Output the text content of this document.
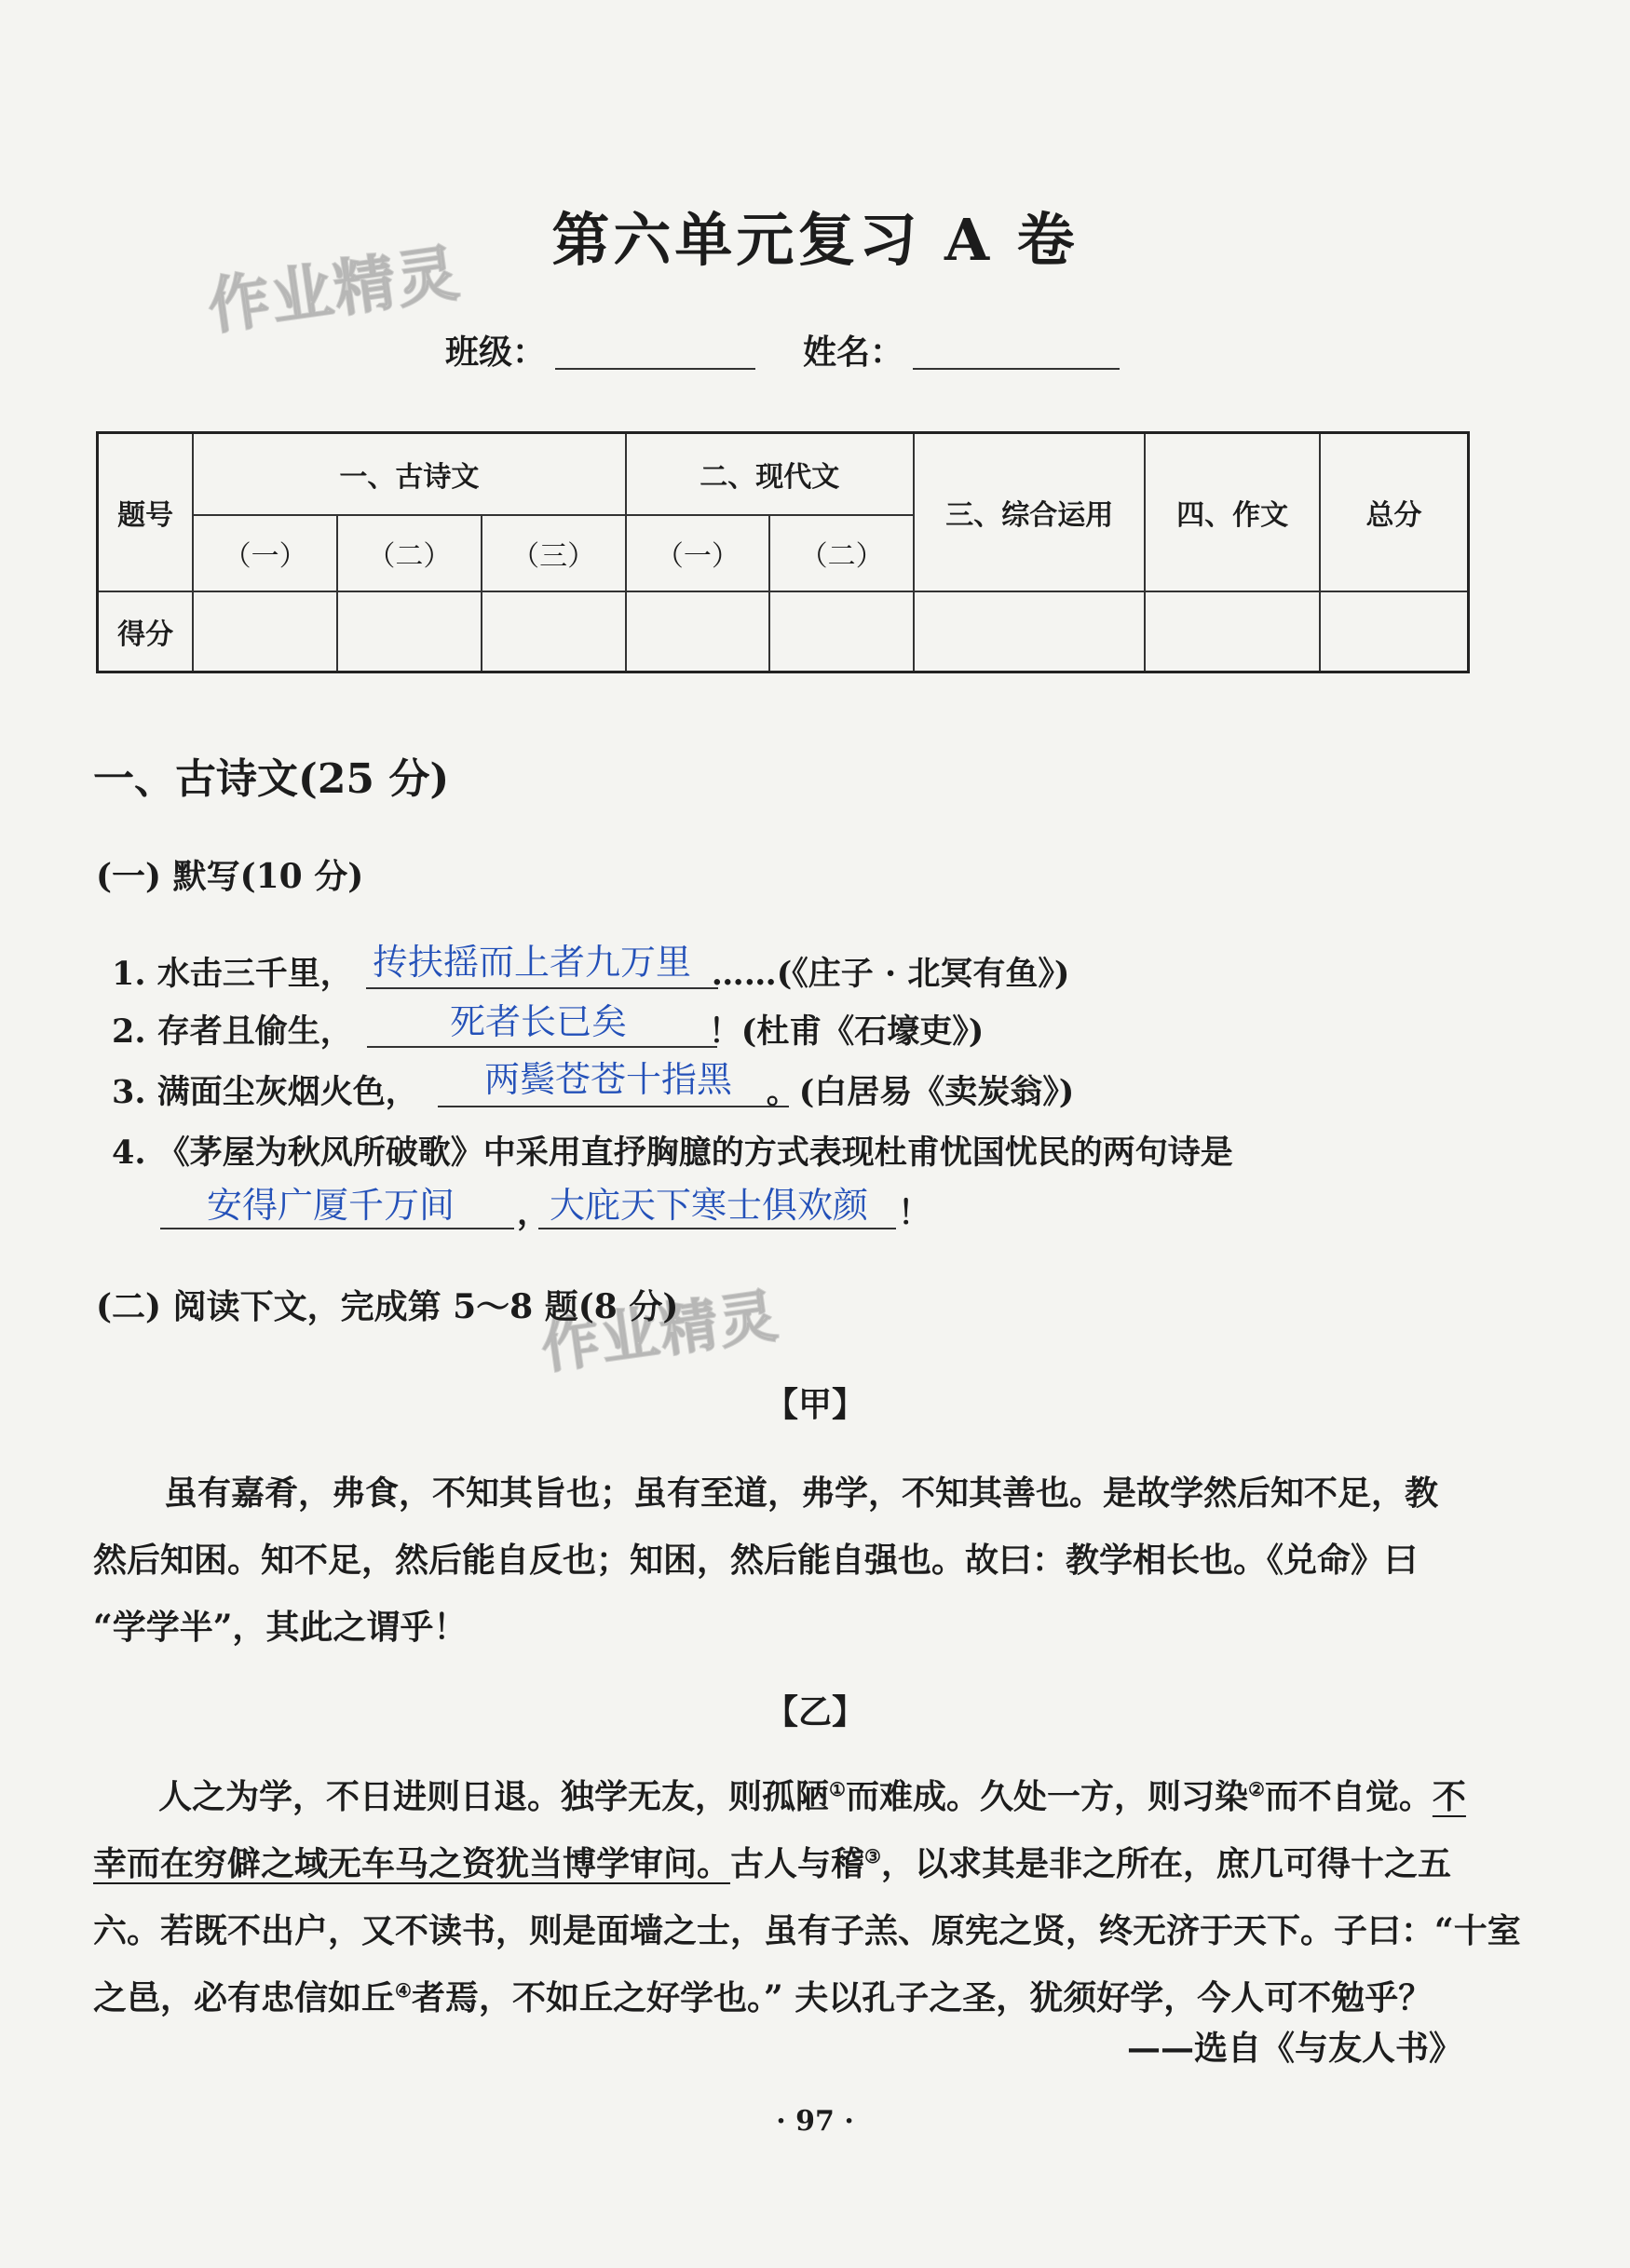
作业精灵
作业精灵
第六单元复习 A 卷
班级：	姓名：
题号	一、古诗文			二、现代文		三、综合运用	四、作文	总分
	（一）	（二）	（三）	（一）	（二）			
得分								
一、古诗文(25 分)
(一) 默写(10 分)
1. 水击三千里，	……(《庄子 · 北冥有鱼》)
抟扶摇而上者九万里
2. 存者且偷生，	！(杜甫《石壕吏》)
死者长已矣
3. 满面尘灰烟火色，	。(白居易《卖炭翁》)
两鬓苍苍十指黑
4. 《茅屋为秋风所破歌》中采用直抒胸臆的方式表现杜甫忧国忧民的两句诗是
安得广厦千万间 ， 大庇天下寒士俱欢颜 ！
(二) 阅读下文，完成第 5～8 题(8 分)
【甲】
虽有嘉肴，弗食，不知其旨也；虽有至道，弗学，不知其善也。是故学然后知不足，教
然后知困。知不足，然后能自反也；知困，然后能自强也。故曰：教学相长也。《兑命》曰
“学学半”，其此之谓乎！
【乙】
人之为学，不日进则日退。独学无友，则孤陋①而难成。久处一方，则习染②而不自觉。不
幸而在穷僻之域无车马之资犹当博学审问。古人与稽③，以求其是非之所在，庶几可得十之五
六。若既不出户，又不读书，则是面墙之士，虽有子羔、原宪之贤，终无济于天下。子曰：“十室
之邑，必有忠信如丘④者焉，不如丘之好学也。” 夫以孔子之圣，犹须好学，今人可不勉乎？
——选自《与友人书》
· 97 ·
